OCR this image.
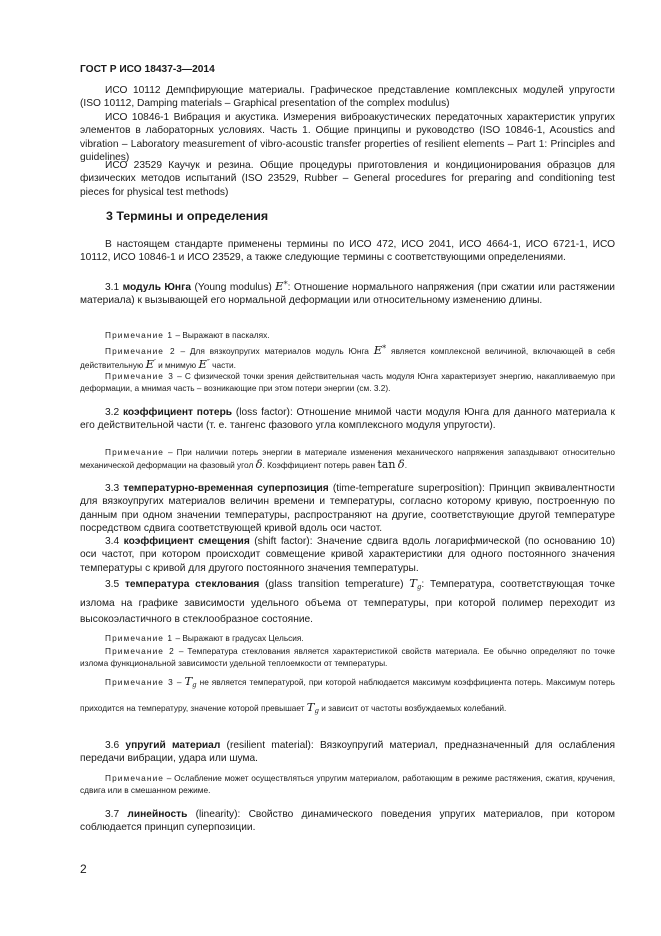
ГОСТ Р ИСО 18437-3—2014

ИСО 10112 Демпфирующие материалы. Графическое представление комплексных модулей упругости (ISO 10112, Damping materials – Graphical presentation of the complex modulus)

ИСО 10846-1 Вибрация и акустика. Измерения виброакустических передаточных характеристик упругих элементов в лабораторных условиях. Часть 1. Общие принципы и руководство (ISO 10846-1, Acoustics and vibration – Laboratory measurement of vibro-acoustic transfer properties of resilient elements – Part 1: Principles and guidelines)

ИСО 23529 Каучук и резина. Общие процедуры приготовления и кондиционирования образцов для физических методов испытаний (ISO 23529, Rubber – General procedures for preparing and conditioning test pieces for physical test methods)

3 Термины и определения

В настоящем стандарте применены термины по ИСО 472, ИСО 2041, ИСО 4664-1, ИСО 6721-1, ИСО 10112, ИСО 10846-1 и ИСО 23529, а также следующие термины с соответствующими определениями.

3.1 модуль Юнга (Young modulus) E*: Отношение нормального напряжения (при сжатии или растяжении материала) к вызывающей его нормальной деформации или относительному изменению длины.

Примечание 1 – Выражают в паскалях.

Примечание 2 – Для вязкоупругих материалов модуль Юнга E* является комплексной величиной, включающей в себя действительную E′ и мнимую E″ части.

Примечание 3 – С физической точки зрения действительная часть модуля Юнга характеризует энергию, накапливаемую при деформации, а мнимая часть – возникающие при этом потери энергии (см. 3.2).

3.2 коэффициент потерь (loss factor): Отношение мнимой части модуля Юнга для данного материала к его действительной части (т. е. тангенс фазового угла комплексного модуля упругости).

Примечание – При наличии потерь энергии в материале изменения механического напряжения запаздывают относительно механической деформации на фазовый угол δ. Коэффициент потерь равен tan δ.

3.3 температурно-временная суперпозиция (time-temperature superposition): Принцип эквивалентности для вязкоупругих материалов величин времени и температуры, согласно которому кривую, построенную по данным при одном значении температуры, распространяют на другие, соответствующие другой температуре посредством сдвига соответствующей кривой вдоль оси частот.

3.4 коэффициент смещения (shift factor): Значение сдвига вдоль логарифмической (по основанию 10) оси частот, при котором происходит совмещение кривой характеристики для одного постоянного значения температуры с кривой для другого постоянного значения температуры.

3.5 температура стеклования (glass transition temperature) Tg: Температура, соответствующая точке излома на графике зависимости удельного объема от температуры, при которой полимер переходит из высокоэластичного в стеклообразное состояние.

Примечание 1 – Выражают в градусах Цельсия.

Примечание 2 – Температура стеклования является характеристикой свойств материала. Ее обычно определяют по точке излома функциональной зависимости удельной теплоемкости от температуры.

Примечание $3 - T_g$ не является температурой, при которой наблюдается максимум коэффициента потерь. Максимум потерь приходится на температуру, значение которой превышает $T_g$ и зависит от частоты возбуждаемых колебаний.

3.6 упругий материал (resilient material): Вязкоупругий материал, предназначенный для ослабления передачи вибрации, удара или шума.

Примечание – Ослабление может осуществляться упругим материалом, работающим в режиме растяжения, сжатия, кручения, сдвига или в смешанном режиме.

3.7 линейность (linearity): Свойство динамического поведения упругих материалов, при котором соблюдается принцип суперпозиции.

2
